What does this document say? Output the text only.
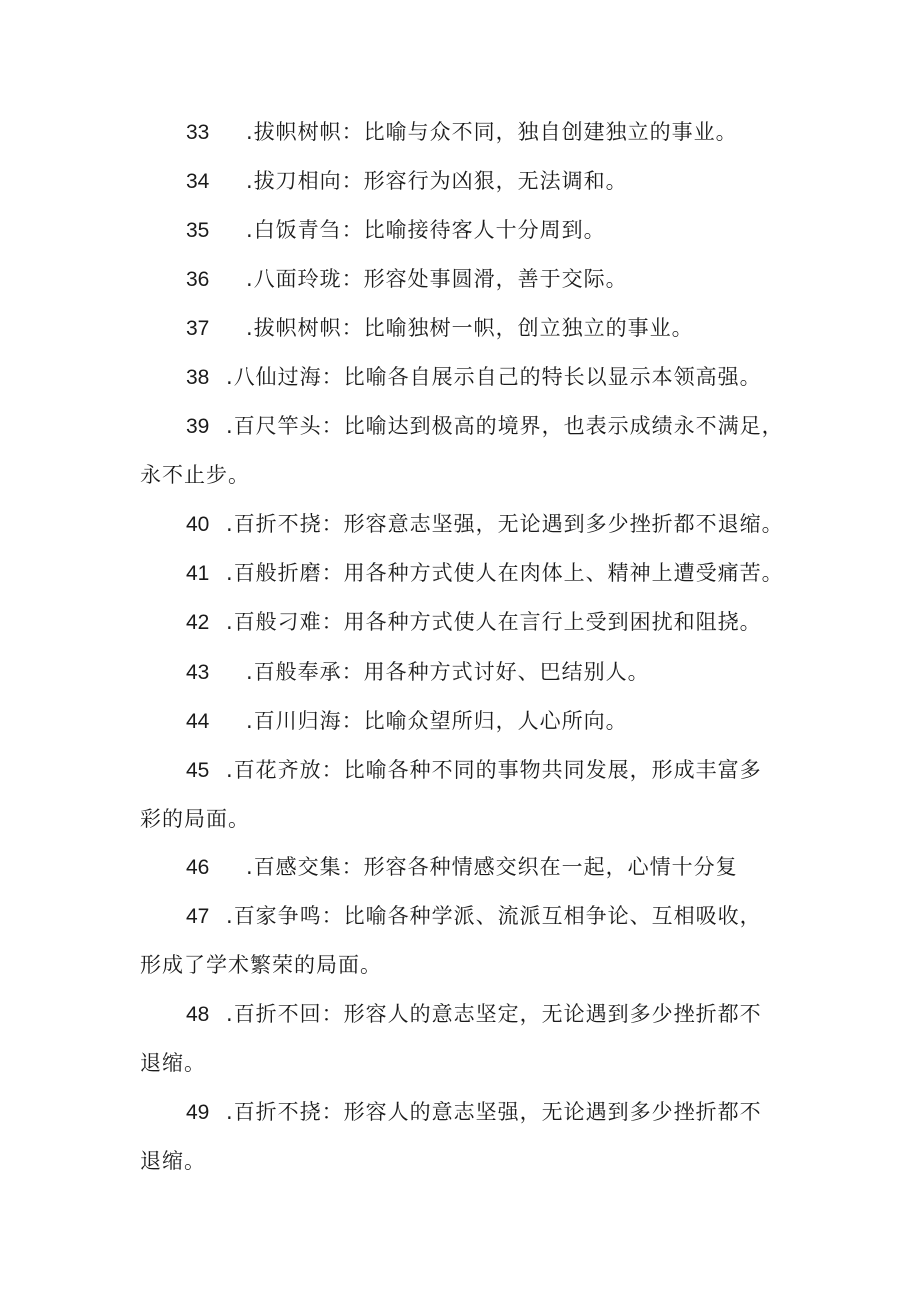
33 .拔帜树帜：比喻与众不同，独自创建独立的事业。
34 .拔刀相向：形容行为凶狠，无法调和。
35 .白饭青刍：比喻接待客人十分周到。
36 .八面玲珑：形容处事圆滑，善于交际。
37 .拔帜树帜：比喻独树一帜，创立独立的事业。
38 .八仙过海：比喻各自展示自己的特长以显示本领高强。
39 .百尺竿头：比喻达到极高的境界，也表示成绩永不满足，
永不止步。
40 .百折不挠：形容意志坚强，无论遇到多少挫折都不退缩。
41 .百般折磨：用各种方式使人在肉体上、精神上遭受痛苦。
42 .百般刁难：用各种方式使人在言行上受到困扰和阻挠。
43 .百般奉承：用各种方式讨好、巴结别人。
44 .百川归海：比喻众望所归，人心所向。
45 .百花齐放：比喻各种不同的事物共同发展，形成丰富多
彩的局面。
46 .百感交集：形容各种情感交织在一起，心情十分复
47 .百家争鸣：比喻各种学派、流派互相争论、互相吸收，
形成了学术繁荣的局面。
48 .百折不回：形容人的意志坚定，无论遇到多少挫折都不
退缩。
49 .百折不挠：形容人的意志坚强，无论遇到多少挫折都不
退缩。
